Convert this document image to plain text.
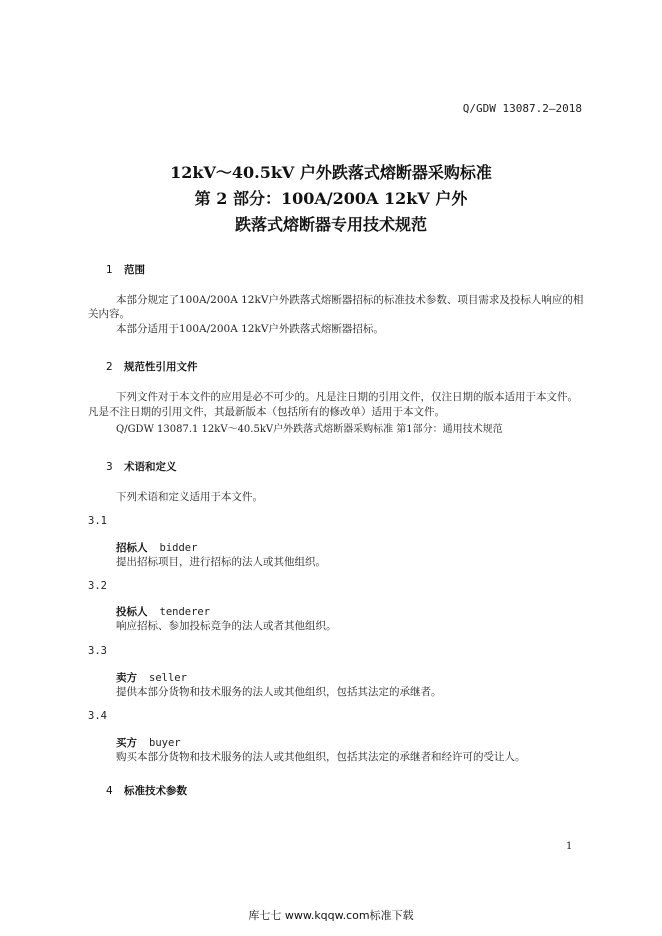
Q/GDW 13087.2—2018
12kV～40.5kV 户外跌落式熔断器采购标准
第 2 部分：100A/200A 12kV 户外
跌落式熔断器专用技术规范
1 范围
本部分规定了100A/200A 12kV户外跌落式熔断器招标的标准技术参数、项目需求及投标人响应的相
关内容。
本部分适用于100A/200A 12kV户外跌落式熔断器招标。
2 规范性引用文件
下列文件对于本文件的应用是必不可少的。凡是注日期的引用文件，仅注日期的版本适用于本文件。
凡是不注日期的引用文件，其最新版本（包括所有的修改单）适用于本文件。
Q/GDW 13087.1 12kV～40.5kV户外跌落式熔断器采购标准 第1部分：通用技术规范
3 术语和定义
下列术语和定义适用于本文件。
3.1
招标人 bidder
提出招标项目，进行招标的法人或其他组织。
3.2
投标人 tenderer
响应招标、参加投标竞争的法人或者其他组织。
3.3
卖方 seller
提供本部分货物和技术服务的法人或其他组织，包括其法定的承继者。
3.4
买方 buyer
购买本部分货物和技术服务的法人或其他组织，包括其法定的承继者和经许可的受让人。
4 标准技术参数
1
库七七 www.kqqw.com标准下载
